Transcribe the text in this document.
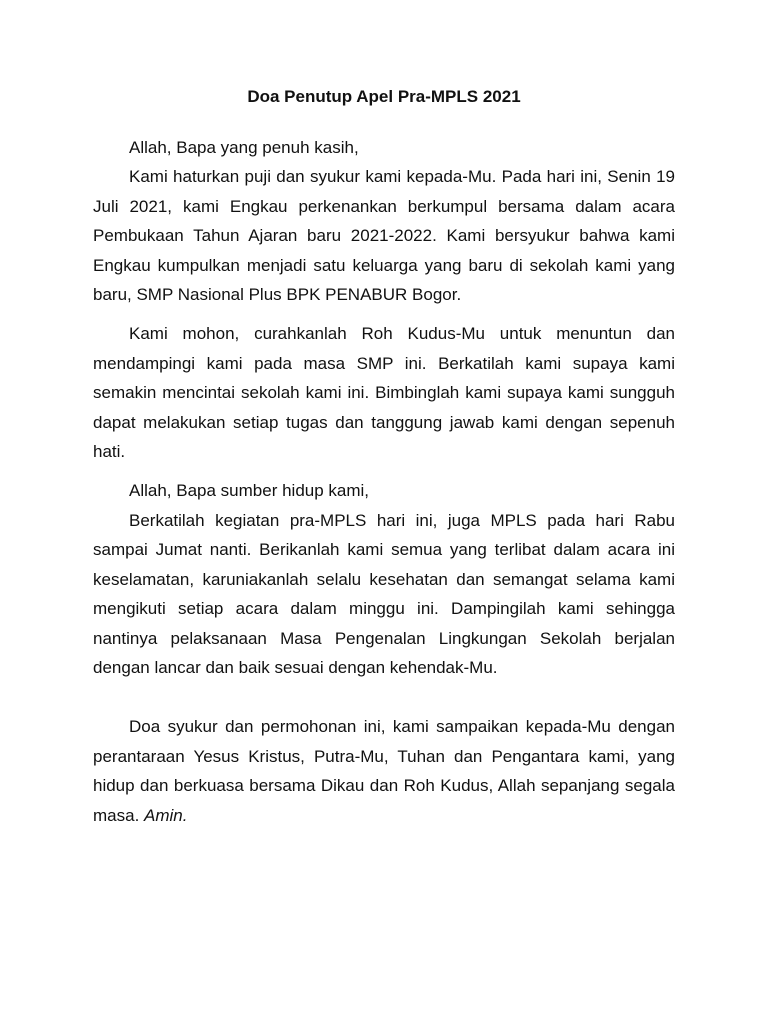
Doa Penutup Apel Pra-MPLS 2021

Allah, Bapa yang penuh kasih,

Kami haturkan puji dan syukur kami kepada-Mu. Pada hari ini, Senin 19 Juli 2021, kami Engkau perkenankan berkumpul bersama dalam acara Pembukaan Tahun Ajaran baru 2021-2022. Kami bersyukur bahwa kami Engkau kumpulkan menjadi satu keluarga yang baru di sekolah kami yang baru, SMP Nasional Plus BPK PENABUR Bogor.

Kami mohon, curahkanlah Roh Kudus-Mu untuk menuntun dan mendampingi kami pada masa SMP ini. Berkatilah kami supaya kami semakin mencintai sekolah kami ini. Bimbinglah kami supaya kami sungguh dapat melakukan setiap tugas dan tanggung jawab kami dengan sepenuh hati.

Allah, Bapa sumber hidup kami,

Berkatilah kegiatan pra-MPLS hari ini, juga MPLS pada hari Rabu sampai Jumat nanti. Berikanlah kami semua yang terlibat dalam acara ini keselamatan, karuniakanlah selalu kesehatan dan semangat selama kami mengikuti setiap acara dalam minggu ini. Dampingilah kami sehingga nantinya pelaksanaan Masa Pengenalan Lingkungan Sekolah berjalan dengan lancar dan baik sesuai dengan kehendak-Mu.

Doa syukur dan permohonan ini, kami sampaikan kepada-Mu dengan perantaraan Yesus Kristus, Putra-Mu, Tuhan dan Pengantara kami, yang hidup dan berkuasa bersama Dikau dan Roh Kudus, Allah sepanjang segala masa. Amin.
